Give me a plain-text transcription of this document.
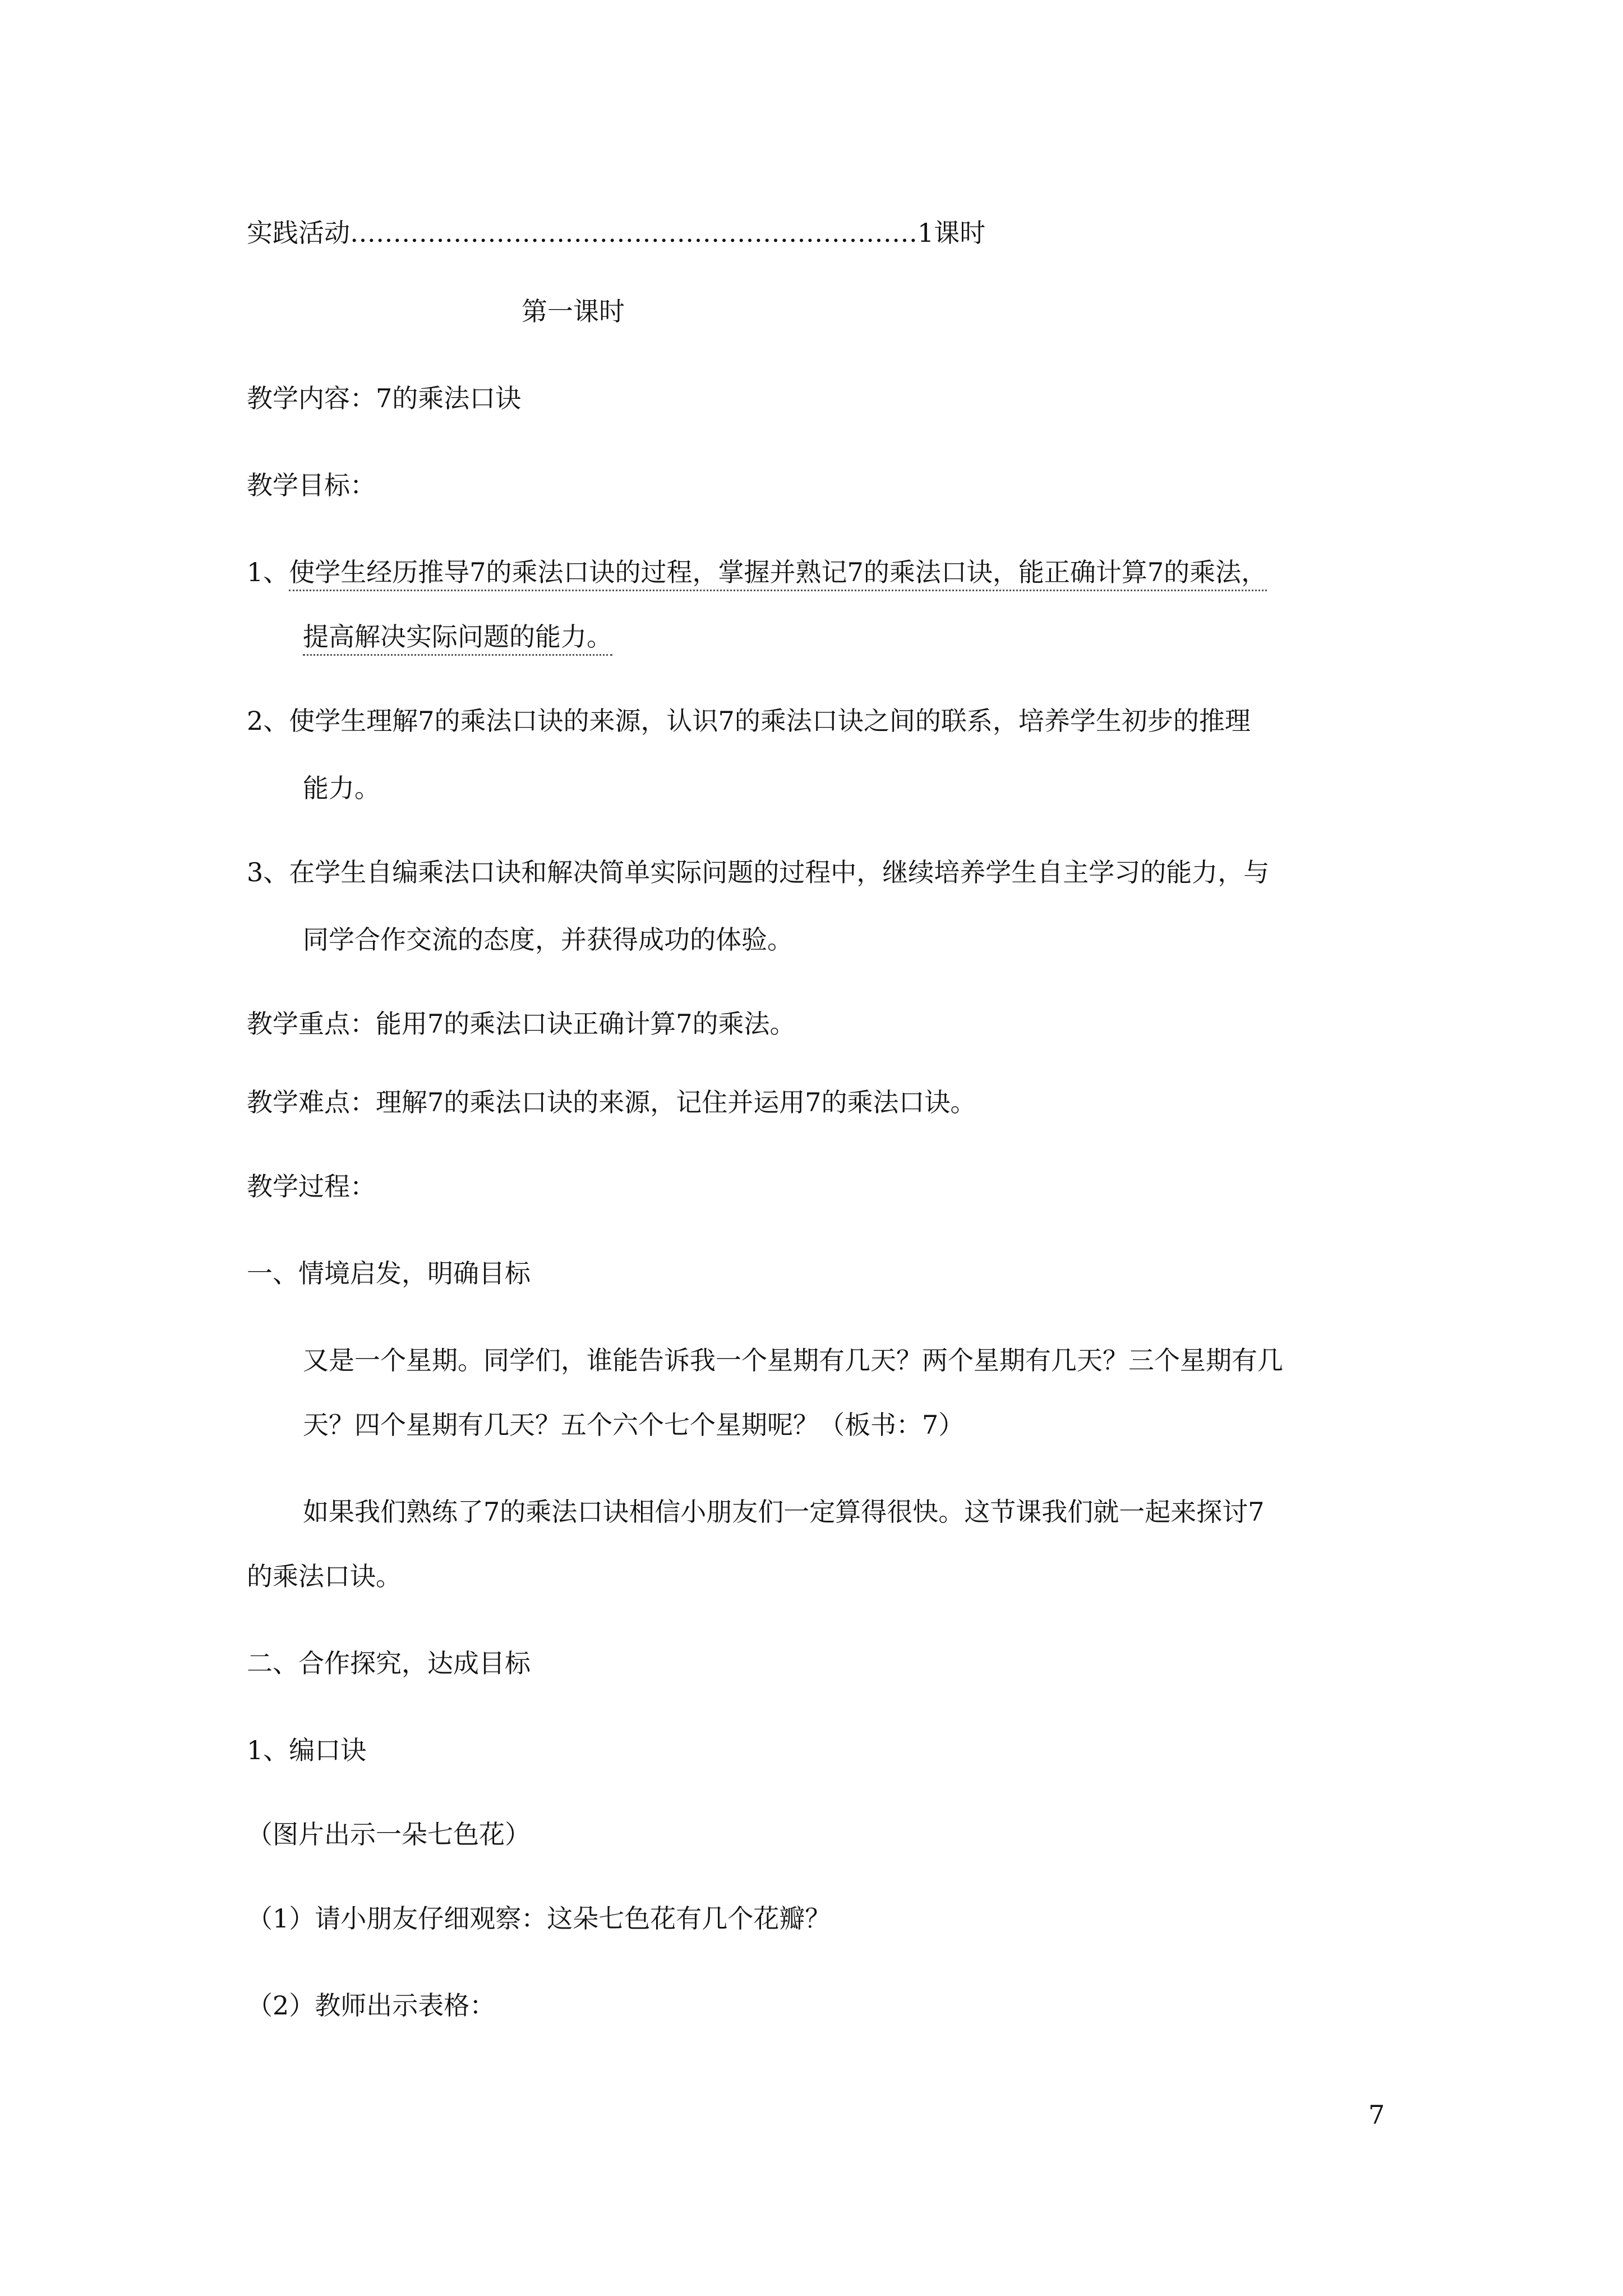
实践活动…………………………………………………………1课时
第一课时
教学内容：7的乘法口诀
教学目标：
1、使学生经历推导7的乘法口诀的过程，掌握并熟记7的乘法口诀，能正确计算7的乘法，
提高解决实际问题的能力。
2、使学生理解7的乘法口诀的来源，认识7的乘法口诀之间的联系，培养学生初步的推理
能力。
3、在学生自编乘法口诀和解决简单实际问题的过程中，继续培养学生自主学习的能力，与
同学合作交流的态度，并获得成功的体验。
教学重点：能用7的乘法口诀正确计算7的乘法。
教学难点：理解7的乘法口诀的来源，记住并运用7的乘法口诀。
教学过程：
一、情境启发，明确目标
又是一个星期。同学们，谁能告诉我一个星期有几天？两个星期有几天？三个星期有几
天？四个星期有几天？五个六个七个星期呢？（板书：7）
如果我们熟练了7的乘法口诀相信小朋友们一定算得很快。这节课我们就一起来探讨7
的乘法口诀。
二、合作探究，达成目标
1、编口诀
（图片出示一朵七色花）
（1）请小朋友仔细观察：这朵七色花有几个花瓣？
（2）教师出示表格：
7
